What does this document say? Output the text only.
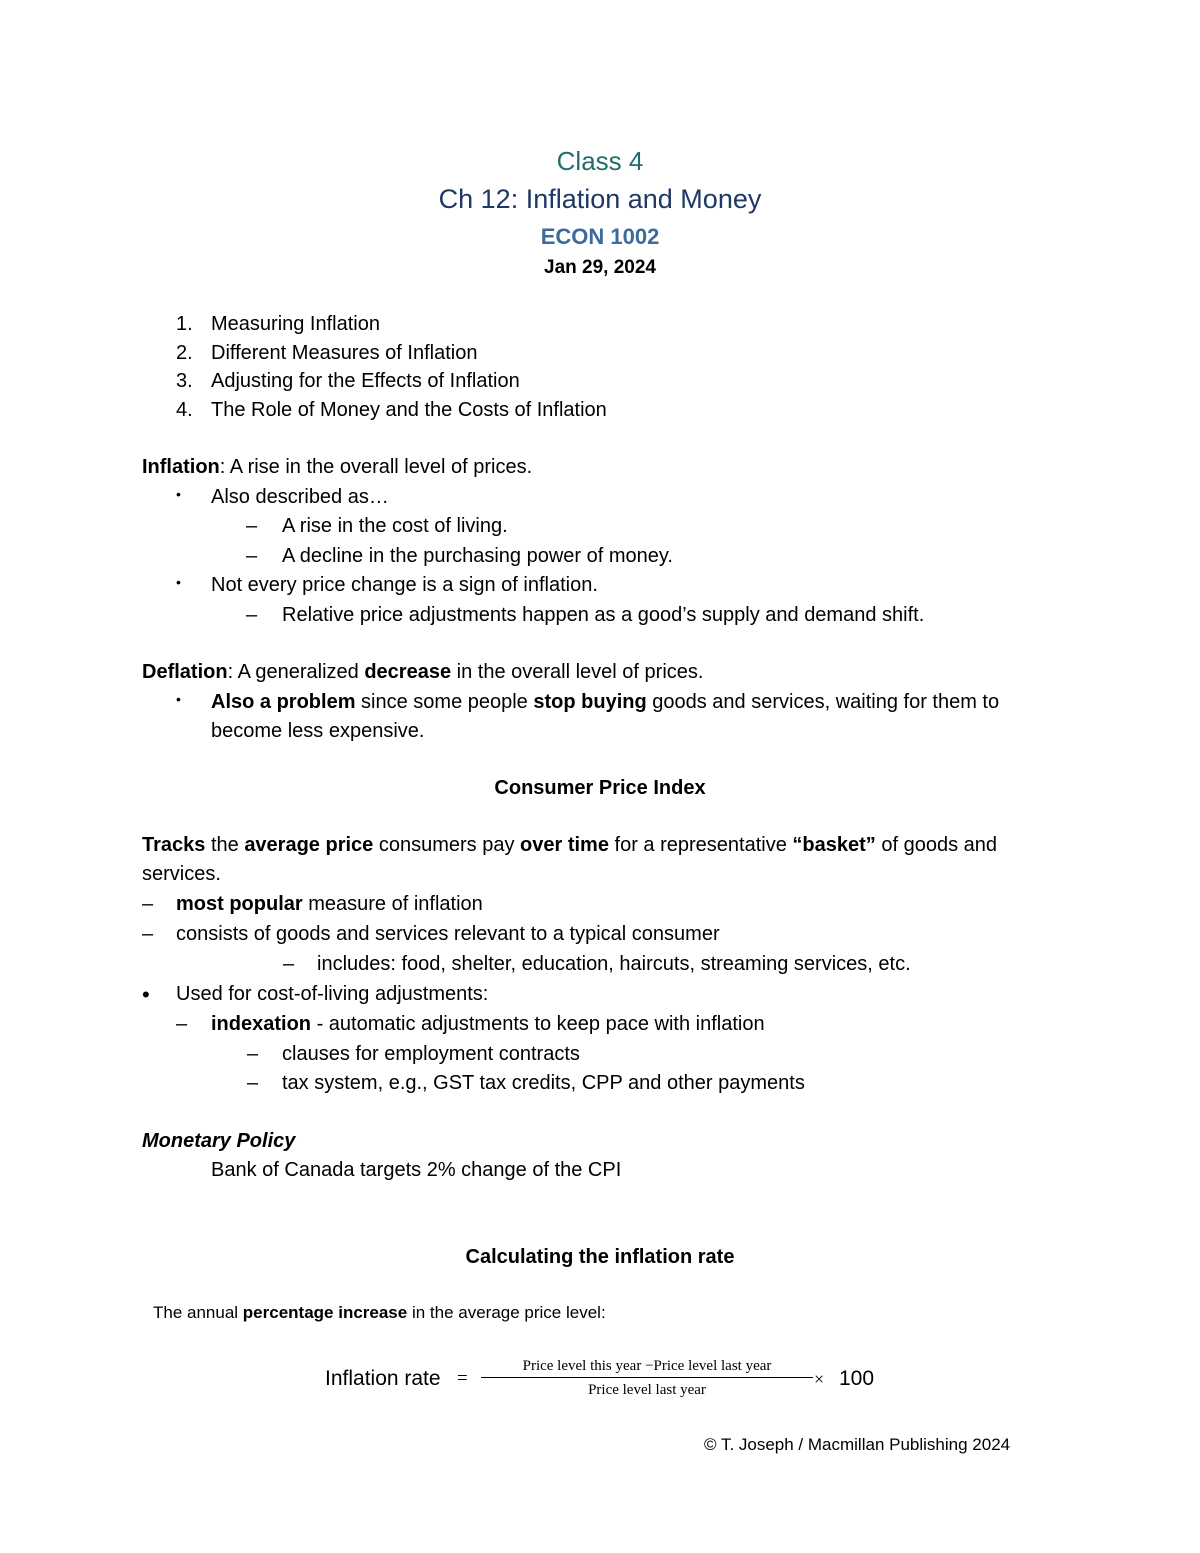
Class 4
Ch 12: Inflation and Money
ECON 1002
Jan 29, 2024
1. Measuring Inflation
2. Different Measures of Inflation
3. Adjusting for the Effects of Inflation
4. The Role of Money and the Costs of Inflation
Inflation: A rise in the overall level of prices.
• Also described as…
– A rise in the cost of living.
– A decline in the purchasing power of money.
• Not every price change is a sign of inflation.
– Relative price adjustments happen as a good’s supply and demand shift.
Deflation: A generalized decrease in the overall level of prices.
• Also a problem since some people stop buying goods and services, waiting for them to
become less expensive.
Consumer Price Index
Tracks the average price consumers pay over time for a representative “basket” of goods and
services.
– most popular measure of inflation
– consists of goods and services relevant to a typical consumer
– includes: food, shelter, education, haircuts, streaming services, etc.
• Used for cost-of-living adjustments:
– indexation - automatic adjustments to keep pace with inflation
– clauses for employment contracts
– tax system, e.g., GST tax credits, CPP and other payments
Monetary Policy
Bank of Canada targets 2% change of the CPI
Calculating the inflation rate
The annual percentage increase in the average price level:
Inflation rate =
Price level this year −Price level last year
Price level last year
× 100
© T. Joseph / Macmillan Publishing 2024
